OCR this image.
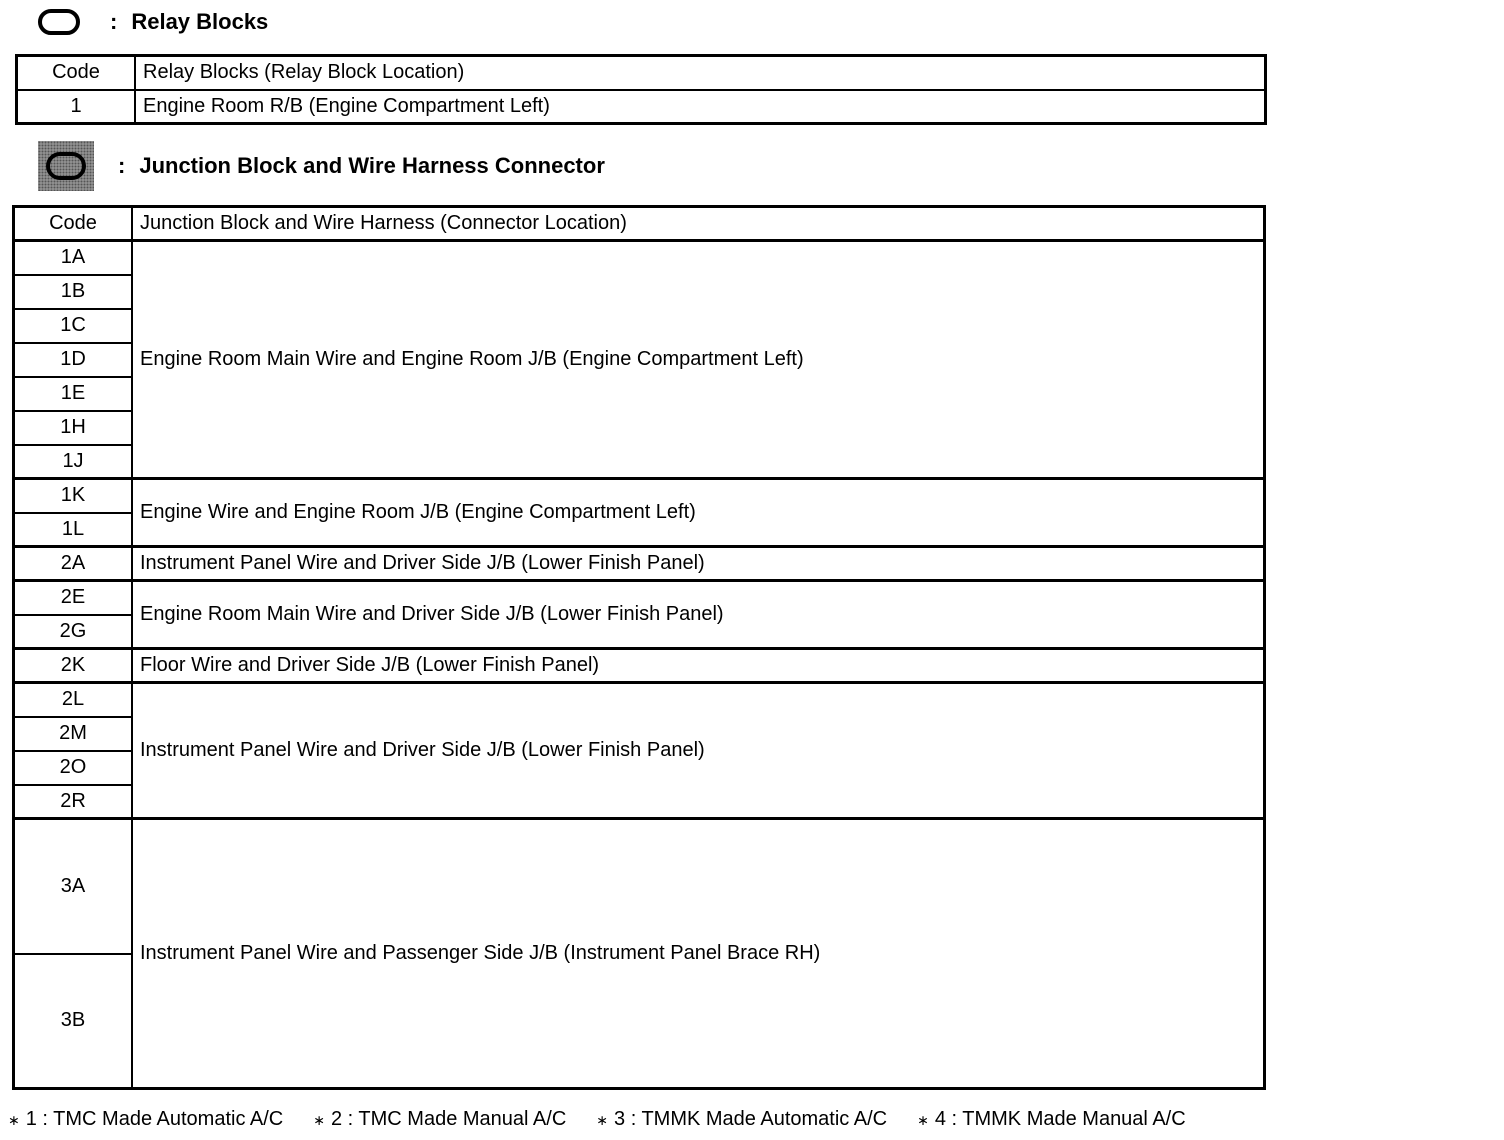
: Relay Blocks
Code	Relay Blocks (Relay Block Location)
1	Engine Room R/B (Engine Compartment Left)
: Junction Block and Wire Harness Connector
Code	Junction Block and Wire Harness (Connector Location)
1A	Engine Room Main Wire and Engine Room J/B (Engine Compartment Left)
1B	
1C	
1D	
1E	
1H	
1J	
1K	Engine Wire and Engine Room J/B (Engine Compartment Left)
1L	
2A	Instrument Panel Wire and Driver Side J/B (Lower Finish Panel)
2E	Engine Room Main Wire and Driver Side J/B (Lower Finish Panel)
2G	
2K	Floor Wire and Driver Side J/B (Lower Finish Panel)
2L	Instrument Panel Wire and Driver Side J/B (Lower Finish Panel)
2M	
2O	
2R	
3A	Instrument Panel Wire and Passenger Side J/B (Instrument Panel Brace RH)
3B	
∗ 1 : TMC Made Automatic A/C ∗ 2 : TMC Made Manual A/C ∗ 3 : TMMK Made Automatic A/C ∗ 4 : TMMK Made Manual A/C
